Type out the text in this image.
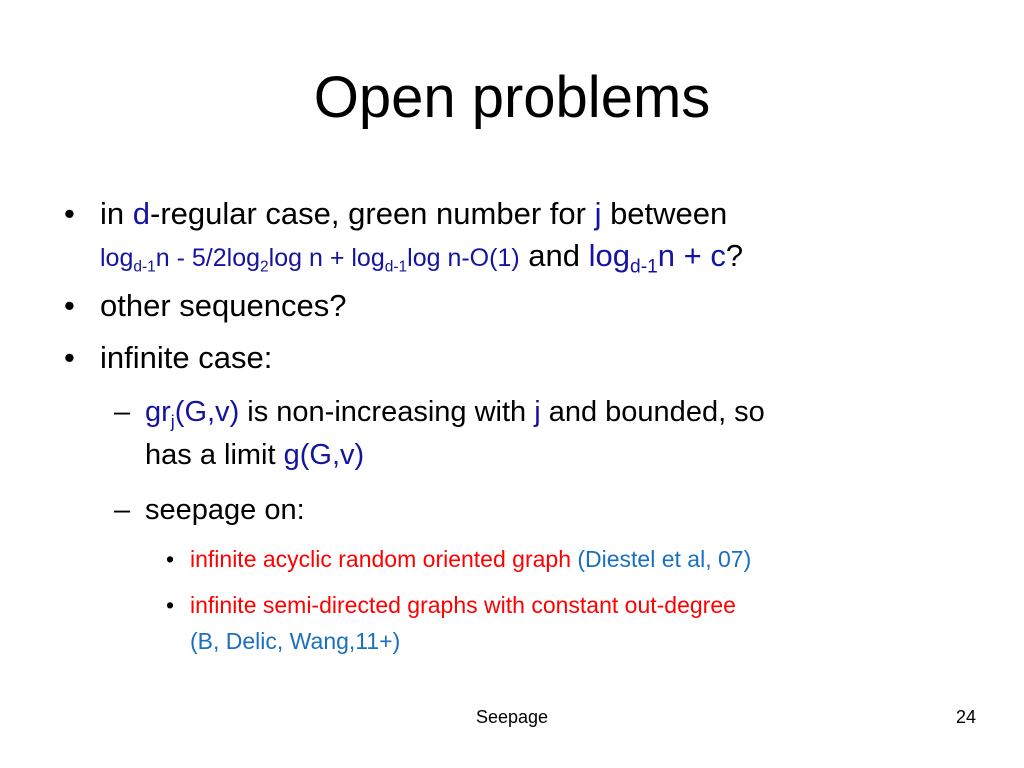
Open problems
• in d-regular case, green number for j between
$\log_{d-1}n - 5/2\log_2\log$ $n + \log_{d-1}\log$ n-O(1) and $\log_{d-1}n + c$?
• other sequences?
• infinite case:
– $gr_j(G,v)$ is non-increasing with j and bounded, so
has a limit g(G,v)
– seepage on:
• infinite acyclic random oriented graph (Diestel et al, 07)
• infinite semi-directed graphs with constant out-degree
(B, Delic, Wang,11+)
Seepage	24
